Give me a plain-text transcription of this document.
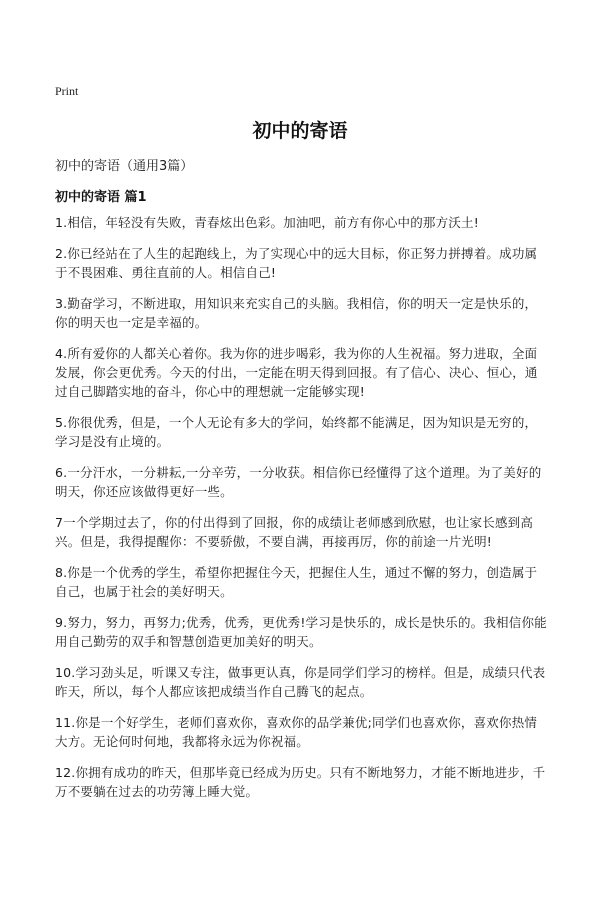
Print
初中的寄语
初中的寄语（通用3篇）
初中的寄语 篇1
1.相信，年轻没有失败，青春炫出色彩。加油吧，前方有你心中的那方沃土!
2.你已经站在了人生的起跑线上，为了实现心中的远大目标，你正努力拼搏着。成功属于不畏困难、勇往直前的人。相信自己!
3.勤奋学习，不断进取，用知识来充实自己的头脑。我相信，你的明天一定是快乐的，你的明天也一定是幸福的。
4.所有爱你的人都关心着你。我为你的进步喝彩，我为你的人生祝福。努力进取，全面发展，你会更优秀。今天的付出，一定能在明天得到回报。有了信心、决心、恒心，通过自己脚踏实地的奋斗，你心中的理想就一定能够实现!
5.你很优秀，但是，一个人无论有多大的学问，始终都不能满足，因为知识是无穷的，学习是没有止境的。
6.一分汗水，一分耕耘,一分辛劳，一分收获。相信你已经懂得了这个道理。为了美好的明天，你还应该做得更好一些。
7一个学期过去了，你的付出得到了回报，你的成绩让老师感到欣慰，也让家长感到高兴。但是，我得提醒你：不要骄傲，不要自满，再接再厉，你的前途一片光明!
8.你是一个优秀的学生，希望你把握住今天，把握住人生，通过不懈的努力，创造属于自己，也属于社会的美好明天。
9.努力，努力，再努力;优秀，优秀，更优秀!学习是快乐的，成长是快乐的。我相信你能用自己勤劳的双手和智慧创造更加美好的明天。
10.学习劲头足，听课又专注，做事更认真，你是同学们学习的榜样。但是，成绩只代表昨天，所以，每个人都应该把成绩当作自己腾飞的起点。
11.你是一个好学生，老师们喜欢你，喜欢你的品学兼优;同学们也喜欢你，喜欢你热情大方。无论何时何地，我都将永远为你祝福。
12.你拥有成功的昨天，但那毕竟已经成为历史。只有不断地努力，才能不断地进步，千万不要躺在过去的功劳簿上睡大觉。
